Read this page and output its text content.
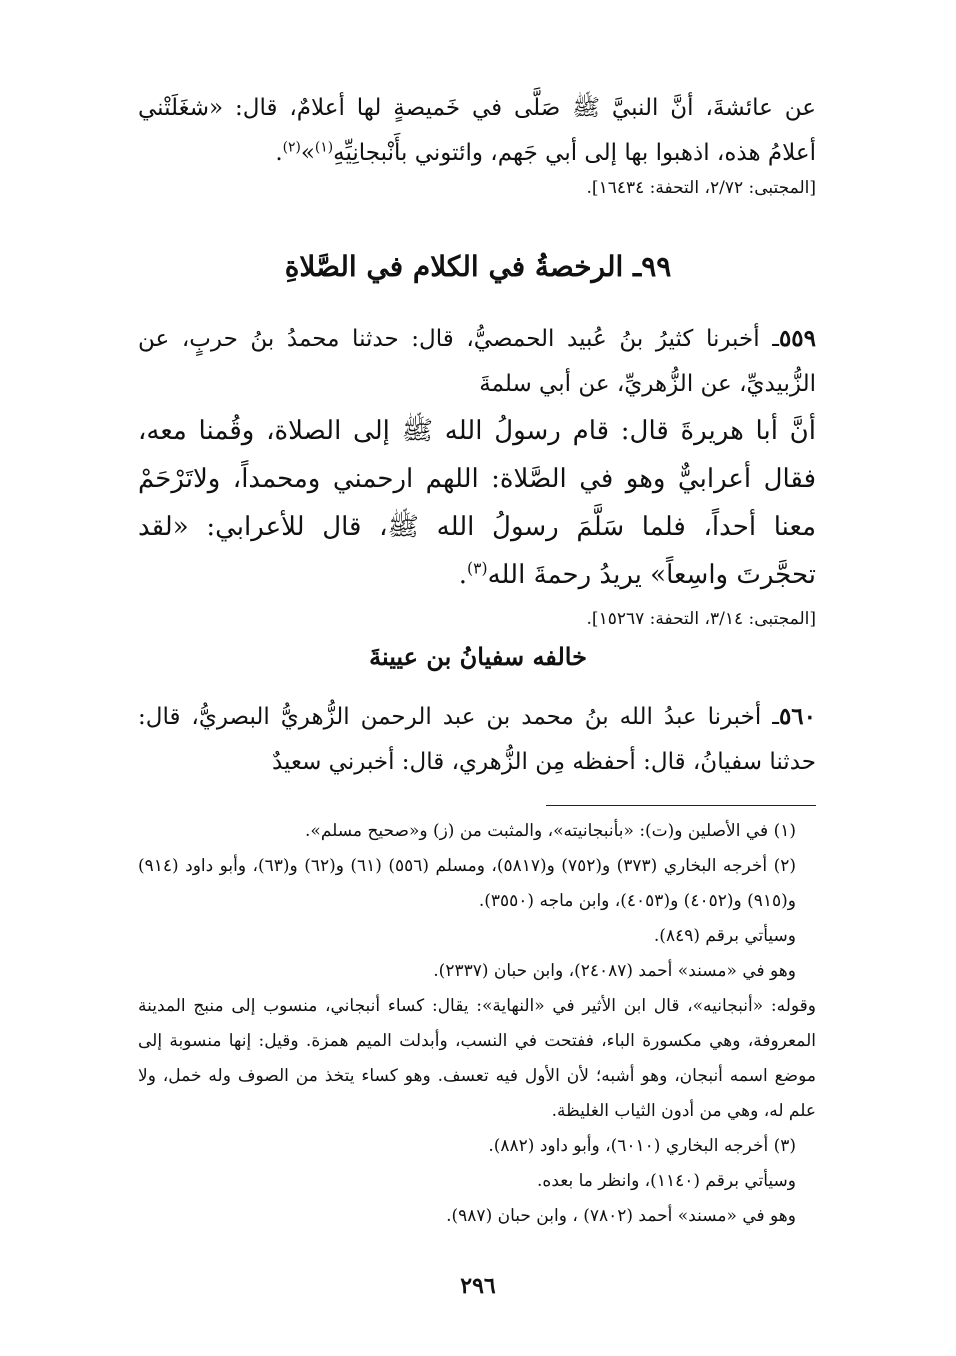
عن عائشةَ، أنَّ النبيَّ ﷺ صَلَّى في خَميصةٍ لها أعلامٌ، قال: «شغَلَتْني أعلامُ هذه، اذهبوا بها إلى أبي جَهم، وائتوني بأَنْبجانِيِّهِ$^{(١)}$»$^{(٢)}$.

[المجتبى: ٢/٧٢، التحفة: ١٦٤٣٤].

٩٩ـ الرخصةُ في الكلام في الصَّلاةِ

٥٥٩ـ أخبرنا كثيرُ بنُ عُبيد الحمصيُّ، قال: حدثنا محمدُ بنُ حربٍ، عن الزُّبيديِّ، عن الزُّهريِّ، عن أبي سلمةَ

أنَّ أبا هريرةَ قال: قام رسولُ الله ﷺ إلى الصلاة، وقُمنا معه، فقال أعرابيٌّ وهو في الصَّلاة: اللهم ارحمني ومحمداً، ولاتَرْحَمْ معنا أحداً، فلما سَلَّمَ رسولُ الله ﷺ، قال للأعرابي: «لقد تحجَّرتَ واسِعاً» يريدُ رحمةَ الله$^{(٣)}$.

[المجتبى: ٣/١٤، التحفة: ١٥٢٦٧].

خالفه سفيانُ بن عيينةَ

٥٦٠ـ أخبرنا عبدُ الله بنُ محمد بن عبد الرحمن الزُّهريُّ البصريُّ، قال: حدثنا سفيانُ، قال: أحفظه مِن الزُّهري، قال: أخبرني سعيدٌ

(١) في الأصلين و(ت): «بأنبجانيته»، والمثبت من (ز) و«صحيح مسلم».

(٢) أخرجه البخاري (٣٧٣) و(٧٥٢) و(٥٨١٧)، ومسلم (٥٥٦) (٦١) و(٦٢) و(٦٣)، وأبو داود (٩١٤) و(٩١٥) و(٤٠٥٢) و(٤٠٥٣)، وابن ماجه (٣٥٥٠).

وسيأتي برقم (٨٤٩).

وهو في «مسند» أحمد (٢٤٠٨٧)، وابن حبان (٢٣٣٧).

وقوله: «أنبجانيه»، قال ابن الأثير في «النهاية»: يقال: كساء أنبجاني، منسوب إلى منبج المدينة المعروفة، وهي مكسورة الباء، ففتحت في النسب، وأبدلت الميم همزة. وقيل: إنها منسوبة إلى موضع اسمه أنبجان، وهو أشبه؛ لأن الأول فيه تعسف. وهو كساء يتخذ من الصوف وله خمل، ولا علم له، وهي من أدون الثياب الغليظة.

(٣) أخرجه البخاري (٦٠١٠)، وأبو داود (٨٨٢).

وسيأتي برقم (١١٤٠)، وانظر ما بعده.

وهو في «مسند» أحمد (٧٨٠٢) ، وابن حبان (٩٨٧).

٢٩٦
